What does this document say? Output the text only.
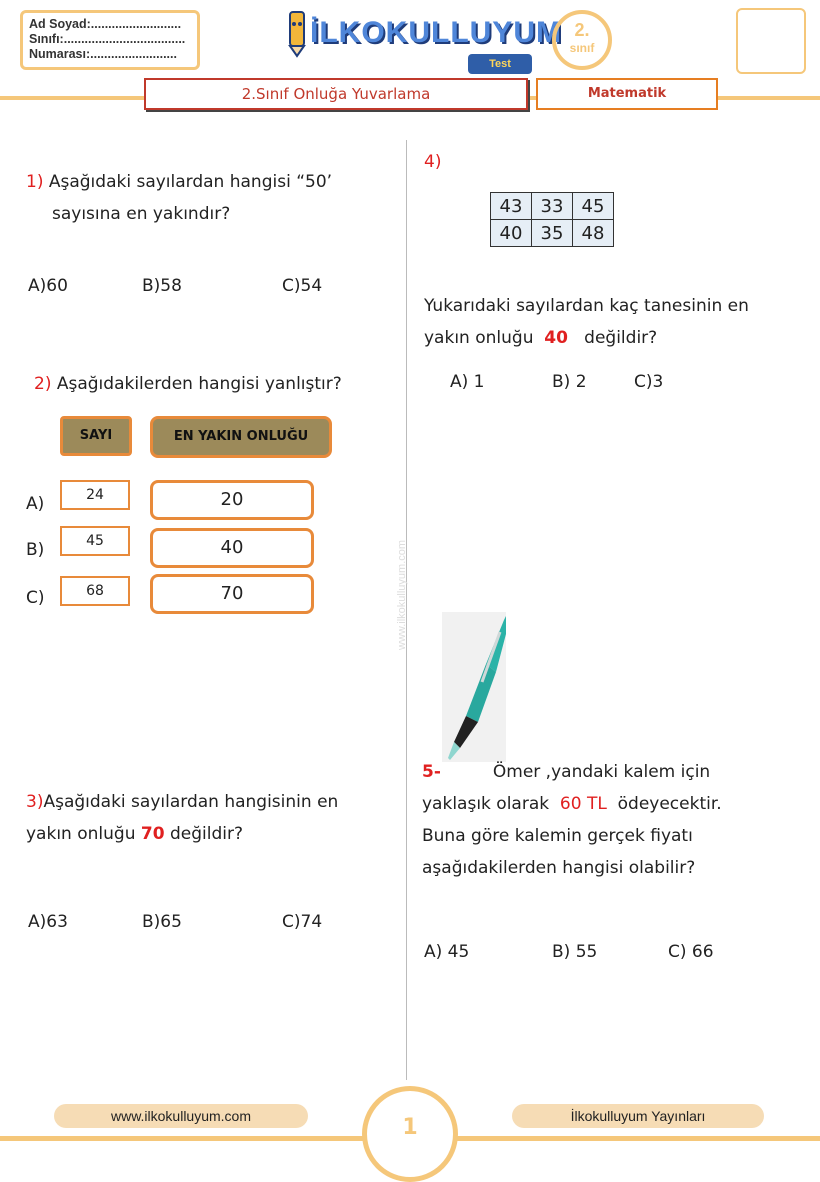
Ad Soyad:..........................
Sınıfı:...................................
Numarası:.........................
İLKOKULLUYUM
Test
2.
sınıf
2.Sınıf Onluğa Yuvarlama	Matematik
www.ilkokulluyum.com
1) Aşağıdaki sayılardan hangisi “50’
sayısına en yakındır?
A)60	B)58	C)54
2) Aşağıdakilerden hangisi yanlıştır?
SAYI	EN YAKIN ONLUĞU
A)	24	20
B)	45	40
C)	68	70
3)Aşağıdaki sayılardan hangisinin en
yakın onluğu 70 değildir?
A)63	B)65	C)74
4)
43	33	45
40	35	48
Yukarıdaki sayılardan kaç tanesinin en
yakın onluğu 40 değildir?
A) 1	B) 2	C)3
5-	Ömer ,yandaki kalem için
yaklaşık olarak 60 TL ödeyecektir.
Buna göre kalemin gerçek fiyatı
aşağıdakilerden hangisi olabilir?
A) 45	B) 55	C) 66
www.ilkokulluyum.com	1	İlkokulluyum Yayınları
